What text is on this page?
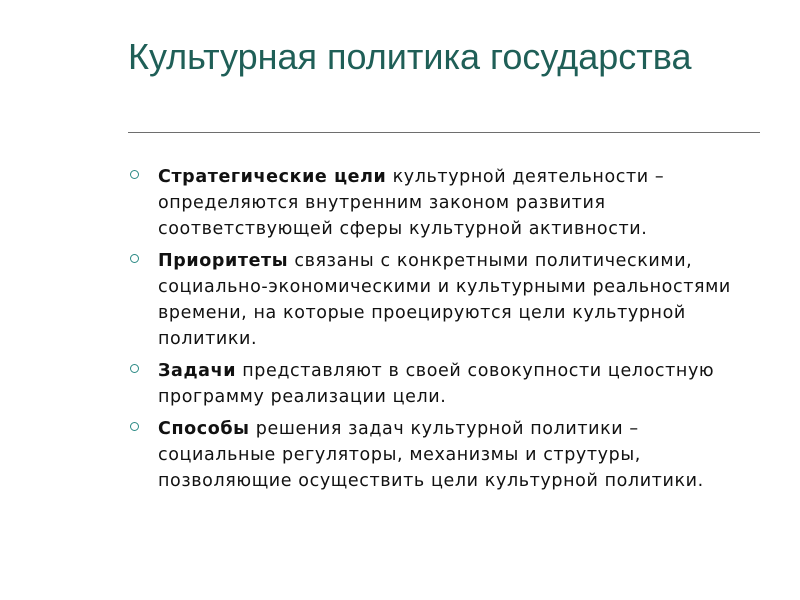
Культурная политика государства
Стратегические цели культурной деятельности – определяются внутренним законом развития соответствующей сферы культурной активности.
Приоритеты связаны с конкретными политическими, социально-экономическими и культурными реальностями времени, на которые проецируются цели культурной политики.
Задачи представляют в своей совокупности целостную программу реализации цели.
Способы решения задач культурной политики – социальные регуляторы, механизмы и струтуры, позволяющие осуществить цели культурной политики.
